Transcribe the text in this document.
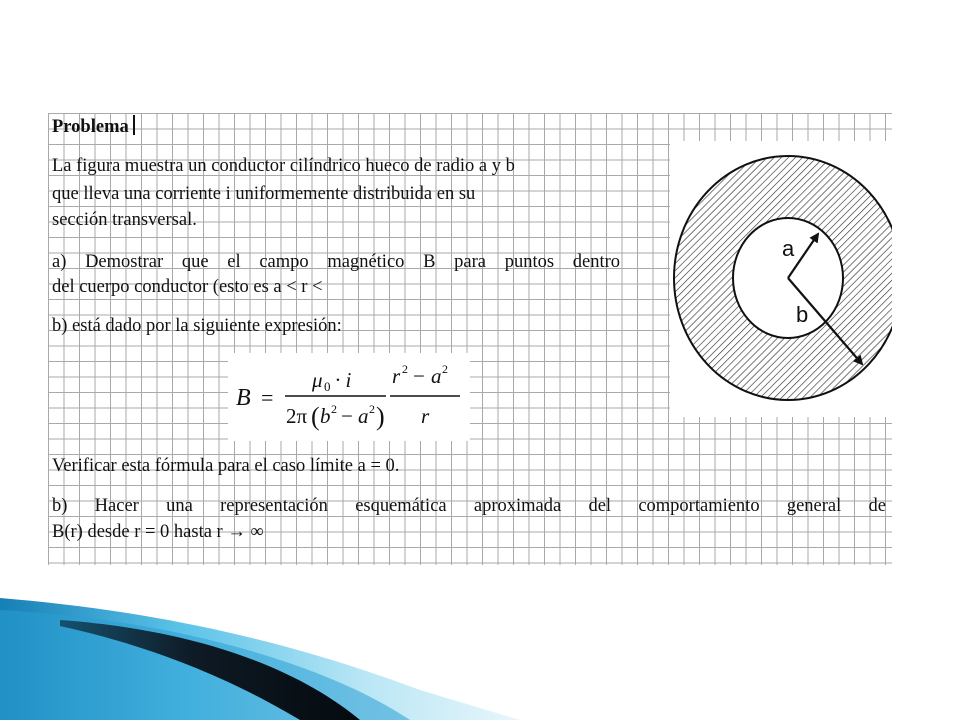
Problema

La figura muestra un conductor cilíndrico hueco de radio a y b

que lleva una corriente i uniformemente distribuida en su

sección transversal.

a) Demostrar que el campo magnético B para puntos dentro

del cuerpo conductor (esto es a < r <

b) está dado por la siguiente expresión:

B =
μ 0 · i
2π ( b 2 − a 2 )
r 2 − a 2
r

Verificar esta fórmula para el caso límite a = 0.

b) Hacer una representación esquemática aproximada del comportamiento general de

B(r) desde r = 0 hasta r → ∞

a
b
